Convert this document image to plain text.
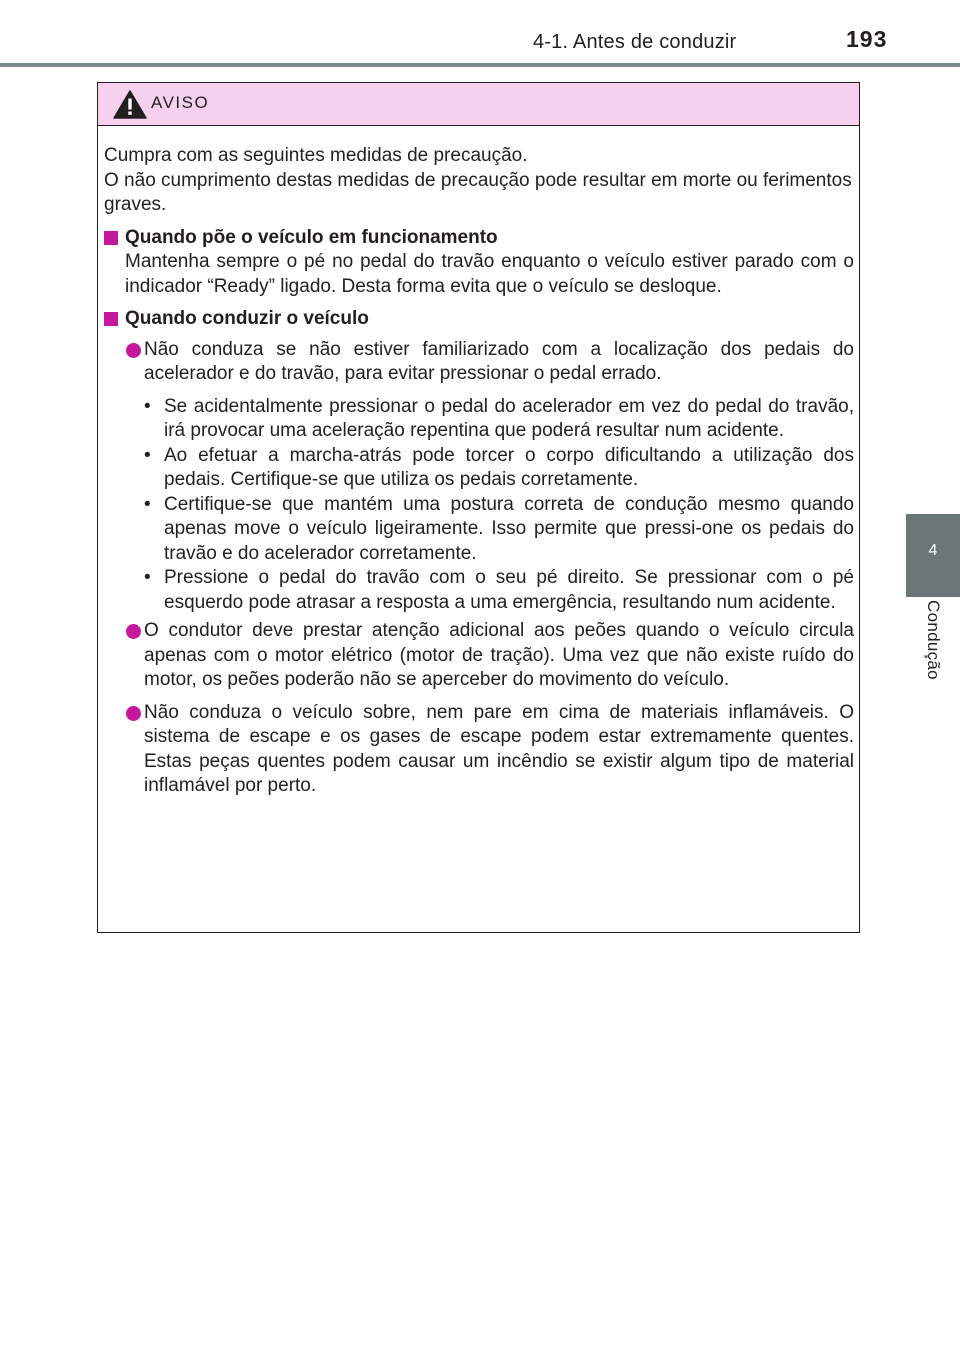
4-1. Antes de conduzir	193
4
Condução
AVISO

Cumpra com as seguintes medidas de precaução.

O não cumprimento destas medidas de precaução pode resultar em morte ou ferimentos graves.

Quando põe o veículo em funcionamento

Mantenha sempre o pé no pedal do travão enquanto o veículo estiver parado com o indicador “Ready” ligado. Desta forma evita que o veículo se desloque.

Quando conduzir o veículo
Não conduza se não estiver familiarizado com a localização dos pedais do acelerador e do travão, para evitar pressionar o pedal errado.
• Se acidentalmente pressionar o pedal do acelerador em vez do pedal do travão, irá provocar uma aceleração repentina que poderá resultar num acidente.
• Ao efetuar a marcha-atrás pode torcer o corpo dificultando a utilização dos pedais. Certifique-se que utiliza os pedais corretamente.
• Certifique-se que mantém uma postura correta de condução mesmo quando apenas move o veículo ligeiramente. Isso permite que pressi-one os pedais do travão e do acelerador corretamente.
• Pressione o pedal do travão com o seu pé direito. Se pressionar com o pé esquerdo pode atrasar a resposta a uma emergência, resultando num acidente.
O condutor deve prestar atenção adicional aos peões quando o veículo circula apenas com o motor elétrico (motor de tração). Uma vez que não existe ruído do motor, os peões poderão não se aperceber do movimento do veículo.
Não conduza o veículo sobre, nem pare em cima de materiais inflamáveis. O sistema de escape e os gases de escape podem estar extremamente quentes. Estas peças quentes podem causar um incêndio se existir algum tipo de material inflamável por perto.
